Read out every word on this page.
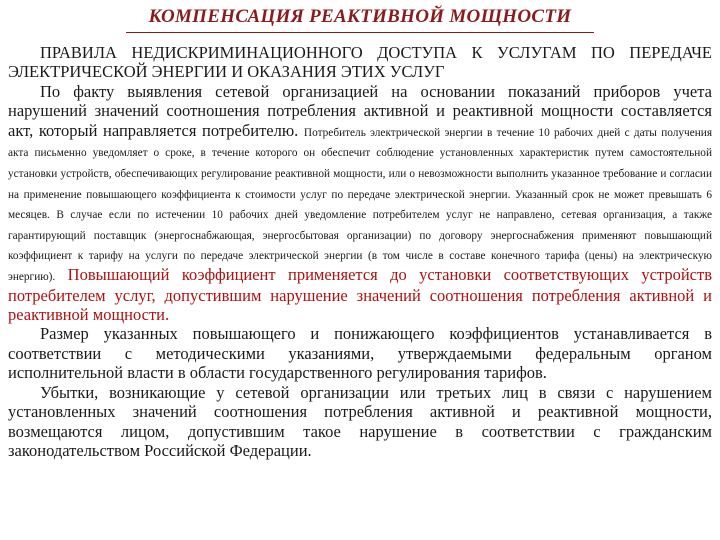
КОМПЕНСАЦИЯ РЕАКТИВНОЙ МОЩНОСТИ

ПРАВИЛА НЕДИСКРИМИНАЦИОННОГО ДОСТУПА К УСЛУГАМ ПО ПЕРЕДАЧЕ ЭЛЕКТРИЧЕСКОЙ ЭНЕРГИИ И ОКАЗАНИЯ ЭТИХ УСЛУГ

По факту выявления сетевой организацией на основании показаний приборов учета нарушений значений соотношения потребления активной и реактивной мощности составляется акт, который направляется потребителю. Потребитель электрической энергии в течение 10 рабочих дней с даты получения акта письменно уведомляет о сроке, в течение которого он обеспечит соблюдение установленных характеристик путем самостоятельной установки устройств, обеспечивающих регулирование реактивной мощности, или о невозможности выполнить указанное требование и согласии на применение повышающего коэффициента к стоимости услуг по передаче электрической энергии. Указанный срок не может превышать 6 месяцев. В случае если по истечении 10 рабочих дней уведомление потребителем услуг не направлено, сетевая организация, а также гарантирующий поставщик (энергоснабжающая, энергосбытовая организации) по договору энергоснабжения применяют повышающий коэффициент к тарифу на услуги по передаче электрической энергии (в том числе в составе конечного тарифа (цены) на электрическую энергию). Повышающий коэффициент применяется до установки соответствующих устройств потребителем услуг, допустившим нарушение значений соотношения потребления активной и реактивной мощности.

Размер указанных повышающего и понижающего коэффициентов устанавливается в соответствии с методическими указаниями, утверждаемыми федеральным органом исполнительной власти в области государственного регулирования тарифов.

Убытки, возникающие у сетевой организации или третьих лиц в связи с нарушением установленных значений соотношения потребления активной и реактивной мощности, возмещаются лицом, допустившим такое нарушение в соответствии с гражданским законодательством Российской Федерации.
